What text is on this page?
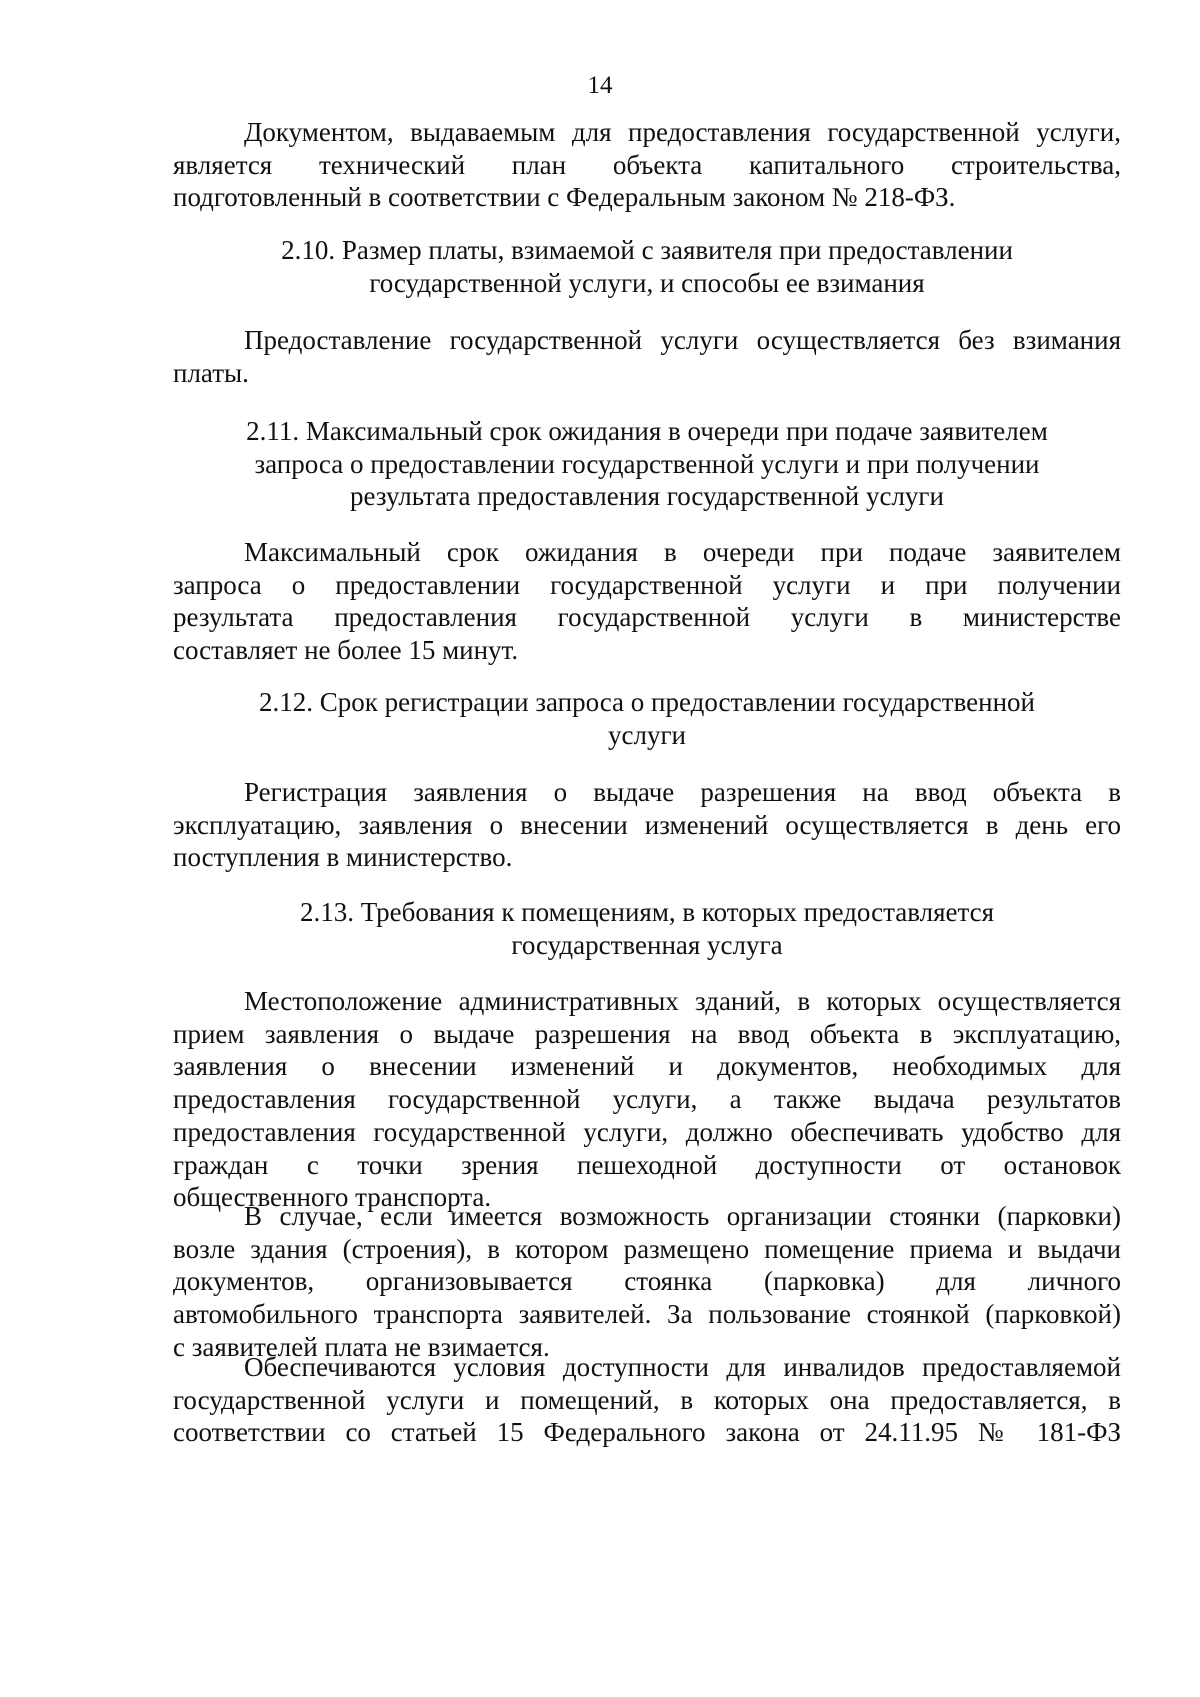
14
Документом, выдаваемым для предоставления государственной услуги,
является технический план объекта капитального строительства,
подготовленный в соответствии с Федеральным законом № 218-ФЗ.
2.10. Размер платы, взимаемой с заявителя при предоставлении
государственной услуги, и способы ее взимания
Предоставление государственной услуги осуществляется без взимания
платы.
2.11. Максимальный срок ожидания в очереди при подаче заявителем
запроса о предоставлении государственной услуги и при получении
результата предоставления государственной услуги
Максимальный срок ожидания в очереди при подаче заявителем
запроса о предоставлении государственной услуги и при получении
результата предоставления государственной услуги в министерстве
составляет не более 15 минут.
2.12. Срок регистрации запроса о предоставлении государственной
услуги
Регистрация заявления о выдаче разрешения на ввод объекта в
эксплуатацию, заявления о внесении изменений осуществляется в день его
поступления в министерство.
2.13. Требования к помещениям, в которых предоставляется
государственная услуга
Местоположение административных зданий, в которых осуществляется
прием заявления о выдаче разрешения на ввод объекта в эксплуатацию,
заявления о внесении изменений и документов, необходимых для
предоставления государственной услуги, а также выдача результатов
предоставления государственной услуги, должно обеспечивать удобство для
граждан с точки зрения пешеходной доступности от остановок
общественного транспорта.
В случае, если имеется возможность организации стоянки (парковки)
возле здания (строения), в котором размещено помещение приема и выдачи
документов, организовывается стоянка (парковка) для личного
автомобильного транспорта заявителей. За пользование стоянкой (парковкой)
с заявителей плата не взимается.
Обеспечиваются условия доступности для инвалидов предоставляемой
государственной услуги и помещений, в которых она предоставляется, в
соответствии со статьей 15 Федерального закона от 24.11.95 № 181-ФЗ
